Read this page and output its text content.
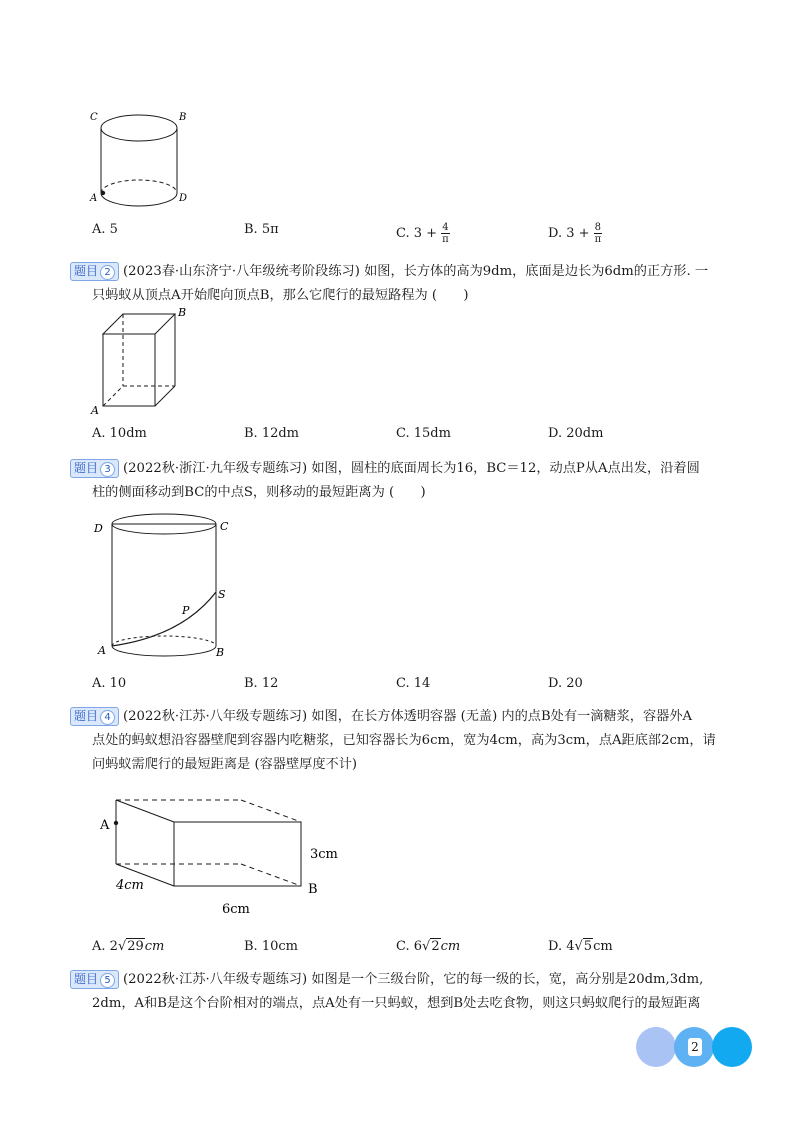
C	B
A	D
A. 5	B. 5π	C. $3 + \frac{4}{\pi}$	D. $3 + \frac{8}{\pi}$
题目 2 (2023春·山东济宁·八年级统考阶段练习) 如图，长方体的高为9dm，底面是边长为6dm的正方形. 一
只蚂蚁从顶点A开始爬向顶点B，那么它爬行的最短路程为 (　　)
B
A
A. 10dm	B. 12dm	C. 15dm	D. 20dm
题目 3 (2022秋·浙江·九年级专题练习) 如图，圆柱的底面周长为16，BC＝12，动点P从A点出发，沿着圆
柱的侧面移动到BC的中点S，则移动的最短距离为 (　　)
D	C
S
P
A	B
A. 10	B. 12	C. 14	D. 20
题目 4 (2022秋·江苏·八年级专题练习) 如图，在长方体透明容器 (无盖) 内的点B处有一滴糖浆，容器外A
点处的蚂蚁想沿容器壁爬到容器内吃糖浆，已知容器长为6cm，宽为4cm，高为3cm，点A距底部2cm，请
问蚂蚁需爬行的最短距离是 (容器壁厚度不计)
A
B
3cm
4cm
6cm
A. 2√29cm	B. 10cm	C. 6√2cm	D. 4√5cm
题目 5 (2022秋·江苏·八年级专题练习) 如图是一个三级台阶，它的每一级的长，宽，高分别是20dm,3dm,
2dm，A和B是这个台阶相对的端点，点A处有一只蚂蚁，想到B处去吃食物，则这只蚂蚁爬行的最短距离
2
